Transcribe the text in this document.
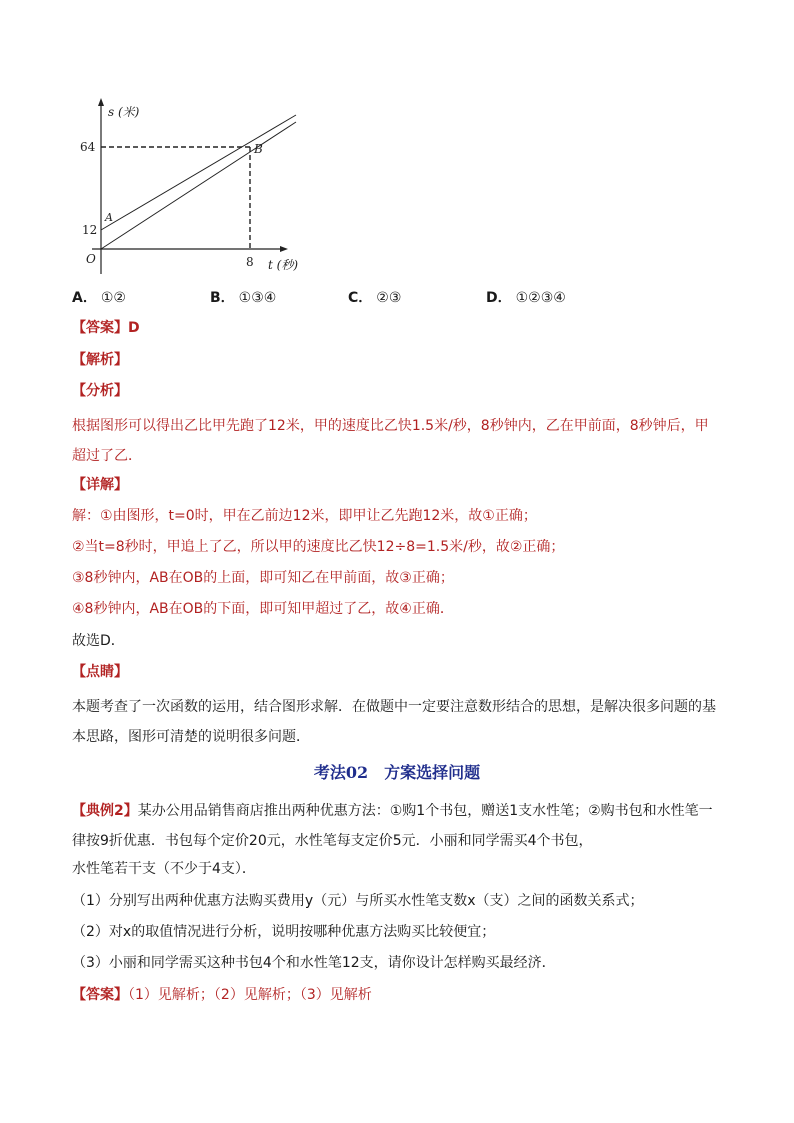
s (米)
t (秒)
O
64
12
8
A
B
A． ①②	B． ①③④	C． ②③	D． ①②③④
【答案】D
【解析】
【分析】
根据图形可以得出乙比甲先跑了12米，甲的速度比乙快1.5米/秒，8秒钟内，乙在甲前面，8秒钟后，甲超过了乙．
【详解】
解：①由图形，t=0时，甲在乙前边12米，即甲让乙先跑12米，故①正确；
②当t=8秒时，甲追上了乙，所以甲的速度比乙快12÷8=1.5米/秒，故②正确；
③8秒钟内，AB在OB的上面，即可知乙在甲前面，故③正确；
④8秒钟内，AB在OB的下面，即可知甲超过了乙，故④正确．
故选D．
【点睛】
本题考查了一次函数的运用，结合图形求解．在做题中一定要注意数形结合的思想，是解决很多问题的基本思路，图形可清楚的说明很多问题．
考法02 方案选择问题
【典例2】某办公用品销售商店推出两种优惠方法：①购1个书包，赠送1支水性笔；②购书包和水性笔一律按9折优惠．书包每个定价20元，水性笔每支定价5元．小丽和同学需买4个书包，
水性笔若干支（不少于4支）．
（1）分别写出两种优惠方法购买费用y（元）与所买水性笔支数x（支）之间的函数关系式；
（2）对x的取值情况进行分析，说明按哪种优惠方法购买比较便宜；
（3）小丽和同学需买这种书包4个和水性笔12支，请你设计怎样购买最经济．
【答案】（1）见解析；（2）见解析；（3）见解析
